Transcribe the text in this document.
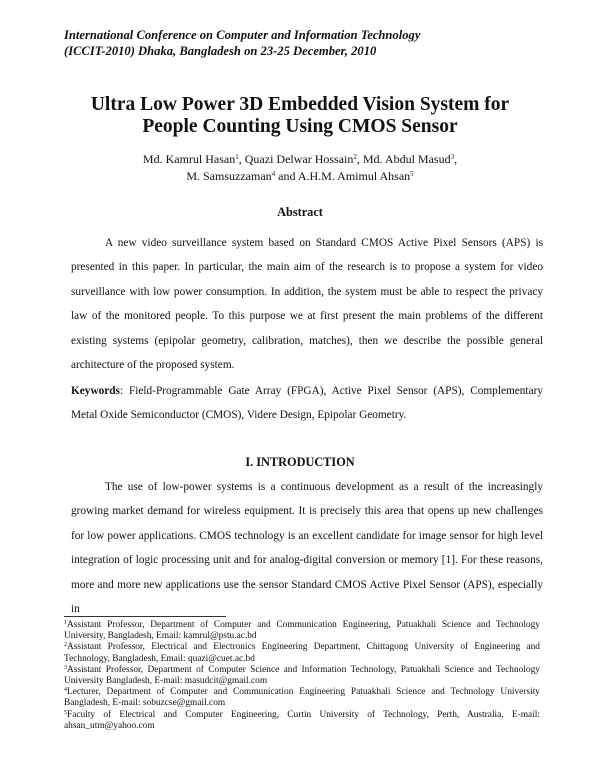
International Conference on Computer and Information Technology
(ICCIT-2010) Dhaka, Bangladesh on 23-25 December, 2010
Ultra Low Power 3D Embedded Vision System for
People Counting Using CMOS Sensor
Md. Kamrul Hasan$^1$, Quazi Delwar Hossain$^2$, Md. Abdul Masud$^3$,
M. Samsuzzaman$^4$ and A.H.M. Amimul Ahsan$^5$
Abstract

A new video surveillance system based on Standard CMOS Active Pixel Sensors (APS) is presented in this paper. In particular, the main aim of the research is to propose a system for video surveillance with low power consumption. In addition, the system must be able to respect the privacy law of the monitored people. To this purpose we at first present the main problems of the different existing systems (epipolar geometry, calibration, matches), then we describe the possible general architecture of the proposed system.

Keywords: Field-Programmable Gate Array (FPGA), Active Pixel Sensor (APS), Complementary Metal Oxide Semiconductor (CMOS), Videre Design, Epipolar Geometry.

I. INTRODUCTION

The use of low-power systems is a continuous development as a result of the increasingly growing market demand for wireless equipment. It is precisely this area that opens up new challenges for low power applications. CMOS technology is an excellent candidate for image sensor for high level integration of logic processing unit and for analog-digital conversion or memory [1]. For these reasons, more and more new applications use the sensor Standard CMOS Active Pixel Sensor (APS), especially in

$^1$Assistant Professor, Department of Computer and Communication Engineering, Patuakhali Science and Technology University, Bangladesh, Email: kamrul@pstu.ac.bd

$^2$Assistant Professor, Electrical and Electronics Engineering Department, Chittagong University of Engineering and Technology, Bangladesh, Email: quazi@cuet.ac.bd

$^3$Assistant Professor, Department of Computer Science and Information Technology, Patuakhali Science and Technology University Bangladesh, E-mail: masudcit@gmail.com

$^4$Lecturer, Department of Computer and Communication Engineering Patuakhali Science and Technology University Bangladesh, E-mail: sobuzcse@gmail.com

$^5$Faculty of Electrical and Computer Engineering, Curtin University of Technology, Perth, Australia, E-mail: ahsan_utm@yahoo.com
